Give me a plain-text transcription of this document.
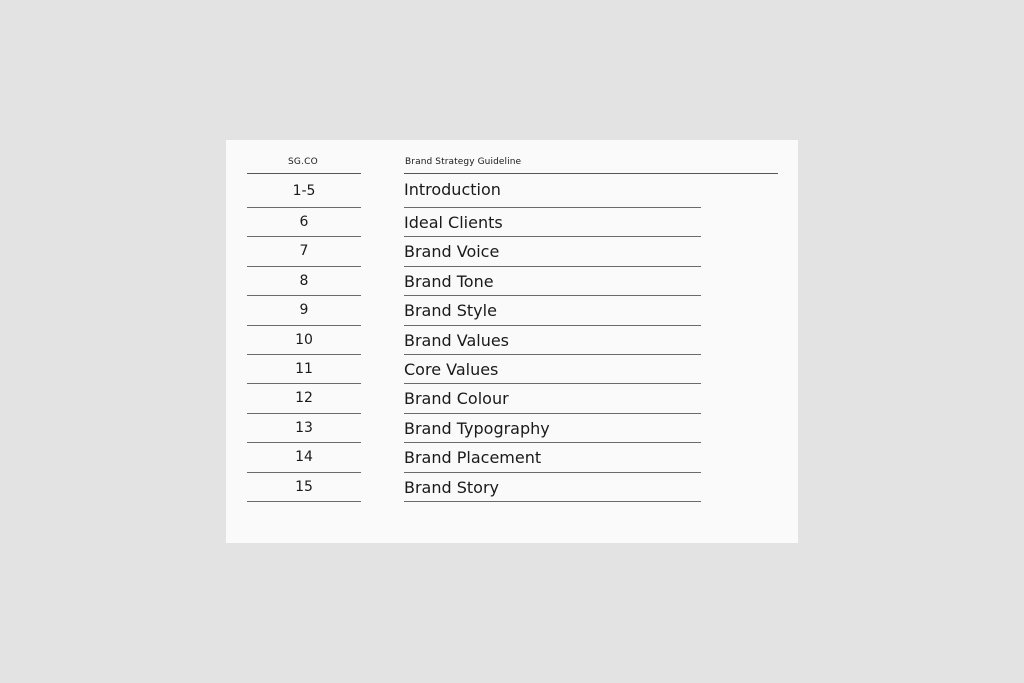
SG.CO	Brand Strategy Guideline
1-5	Introduction
6	Ideal Clients
7	Brand Voice
8	Brand Tone
9	Brand Style
10	Brand Values
11	Core Values
12	Brand Colour
13	Brand Typography
14	Brand Placement
15	Brand Story
